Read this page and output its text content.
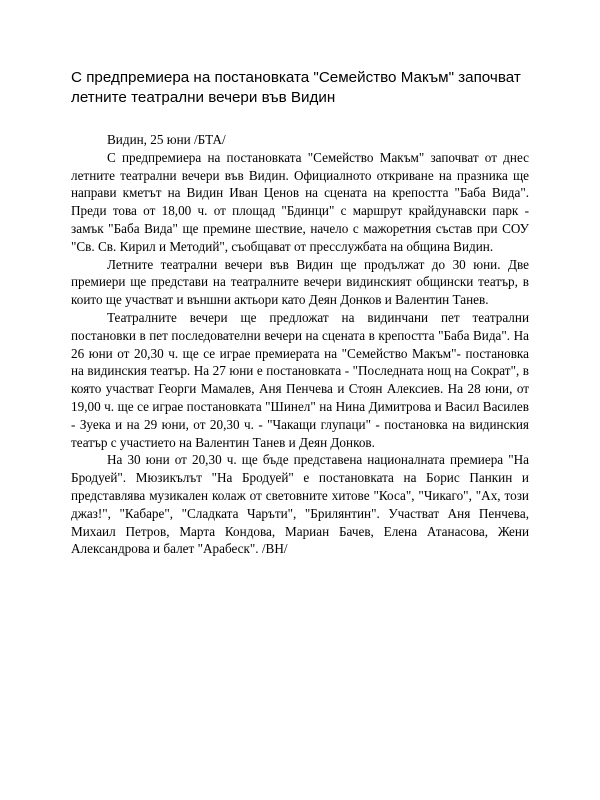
С предпремиера на постановката "Семейство Макъм" започват летните театрални вечери във Видин

Видин, 25 юни /БТА/

С предпремиера на постановката "Семейство Макъм" започват от днес летните театрални вечери във Видин. Официалното откриване на празника ще направи кметът на Видин Иван Ценов на сцената на крепостта "Баба Вида". Преди това от 18,00 ч. от площад "Бдинци" с маршрут крайдунавски парк - замък "Баба Вида" ще премине шествие, начело с мажоретния състав при СОУ "Св. Св. Кирил и Методий", съобщават от пресслужбата на община Видин.

Летните театрални вечери във Видин ще продължат до 30 юни. Две премиери ще представи на театралните вечери видинският общински театър, в които ще участват и външни актьори като Деян Донков и Валентин Танев.

Театралните вечери ще предложат на видинчани пет театрални постановки в пет последователни вечери на сцената в крепостта "Баба Вида". На 26 юни от 20,30 ч. ще се играе премиерата на "Семейство Макъм"- постановка на видинския театър. На 27 юни е постановката - "Последната нощ на Сократ", в която участват Георги Мамалев, Аня Пенчева и Стоян Алексиев. На 28 юни, от 19,00 ч. ще се играе постановката "Шинел" на Нина Димитрова и Васил Василев - Зуека и на 29 юни, от 20,30 ч. - "Чакащи глупаци" - постановка на видинския театър с участието на Валентин Танев и Деян Донков.

На 30 юни от 20,30 ч. ще бъде представена националната премиера "На Бродуей". Мюзикълът "На Бродуей" е постановката на Борис Панкин и представлява музикален колаж от световните хитове "Коса", "Чикаго", "Ах, този джаз!", "Кабаре", "Сладката Чаръти", "Брилянтин". Участват Аня Пенчева, Михаил Петров, Марта Кондова, Мариан Бачев, Елена Атанасова, Жени Александрова и балет "Арабеск". /ВН/
